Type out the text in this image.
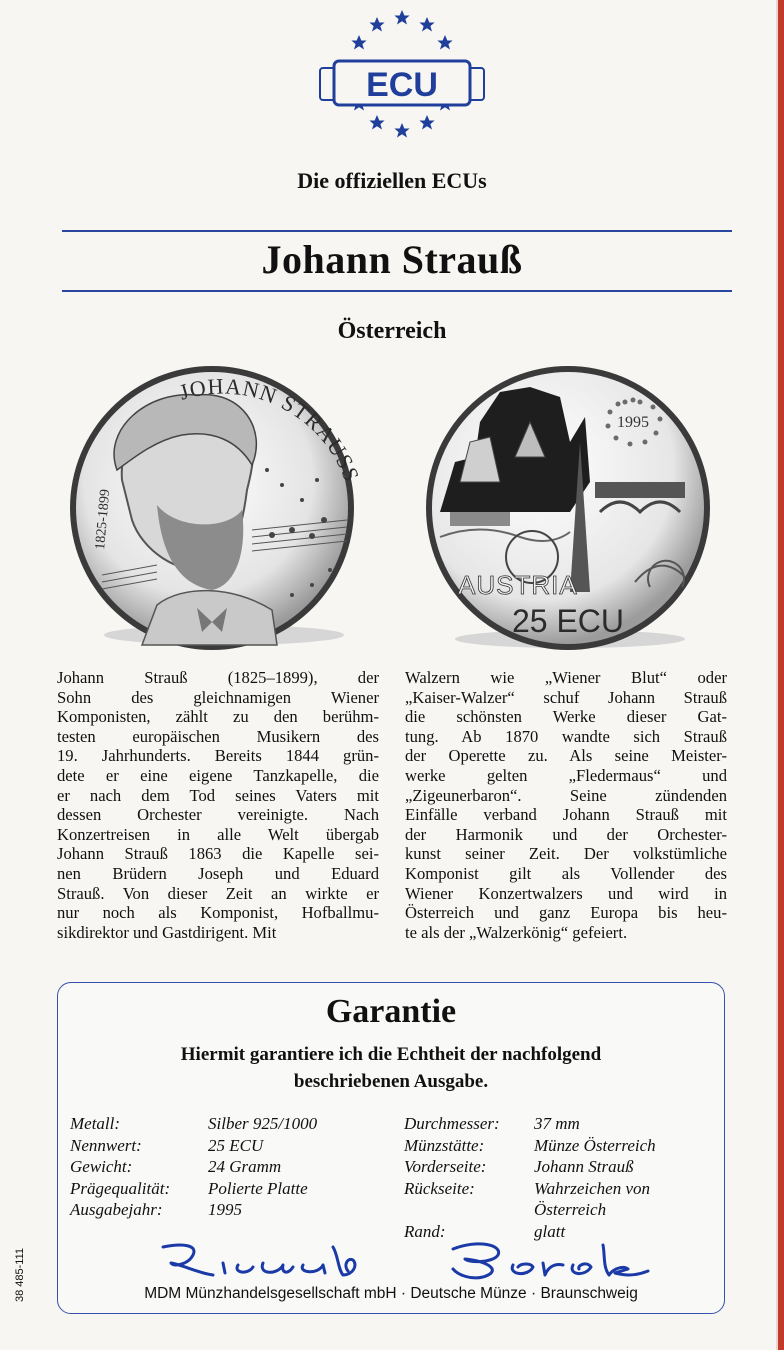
ECU
Die offiziellen ECUs
Johann Strauß
Österreich
JOHANN STRAUSS
1825-1899
1995
AUSTRIA
25 ECU
Johann Strauß (1825–1899), der
Sohn des gleichnamigen Wiener
Komponisten, zählt zu den berühm-
testen europäischen Musikern des
19. Jahrhunderts. Bereits 1844 grün-
dete er eine eigene Tanzkapelle, die
er nach dem Tod seines Vaters mit
dessen Orchester vereinigte. Nach
Konzertreisen in alle Welt übergab
Johann Strauß 1863 die Kapelle sei-
nen Brüdern Joseph und Eduard
Strauß. Von dieser Zeit an wirkte er
nur noch als Komponist, Hofballmu-
sikdirektor und Gastdirigent. Mit
Walzern wie „Wiener Blut“ oder
„Kaiser-Walzer“ schuf Johann Strauß
die schönsten Werke dieser Gat-
tung. Ab 1870 wandte sich Strauß
der Operette zu. Als seine Meister-
werke gelten „Fledermaus“ und
„Zigeunerbaron“. Seine zündenden
Einfälle verband Johann Strauß mit
der Harmonik und der Orchester-
kunst seiner Zeit. Der volkstümliche
Komponist gilt als Vollender des
Wiener Konzertwalzers und wird in
Österreich und ganz Europa bis heu-
te als der „Walzerkönig“ gefeiert.
Garantie
Hiermit garantiere ich die Echtheit der nachfolgend
beschriebenen Ausgabe.
Metall:
Nennwert:
Gewicht:
Prägequalität:
Ausgabejahr:
Silber 925/1000
25 ECU
24 Gramm
Polierte Platte
1995
Durchmesser:
Münzstätte:
Vorderseite:
Rückseite:
Rand:
37 mm
Münze Österreich
Johann Strauß
Wahrzeichen von
Österreich
glatt
MDM Münzhandelsgesellschaft mbH · Deutsche Münze · Braunschweig
38 485-111
